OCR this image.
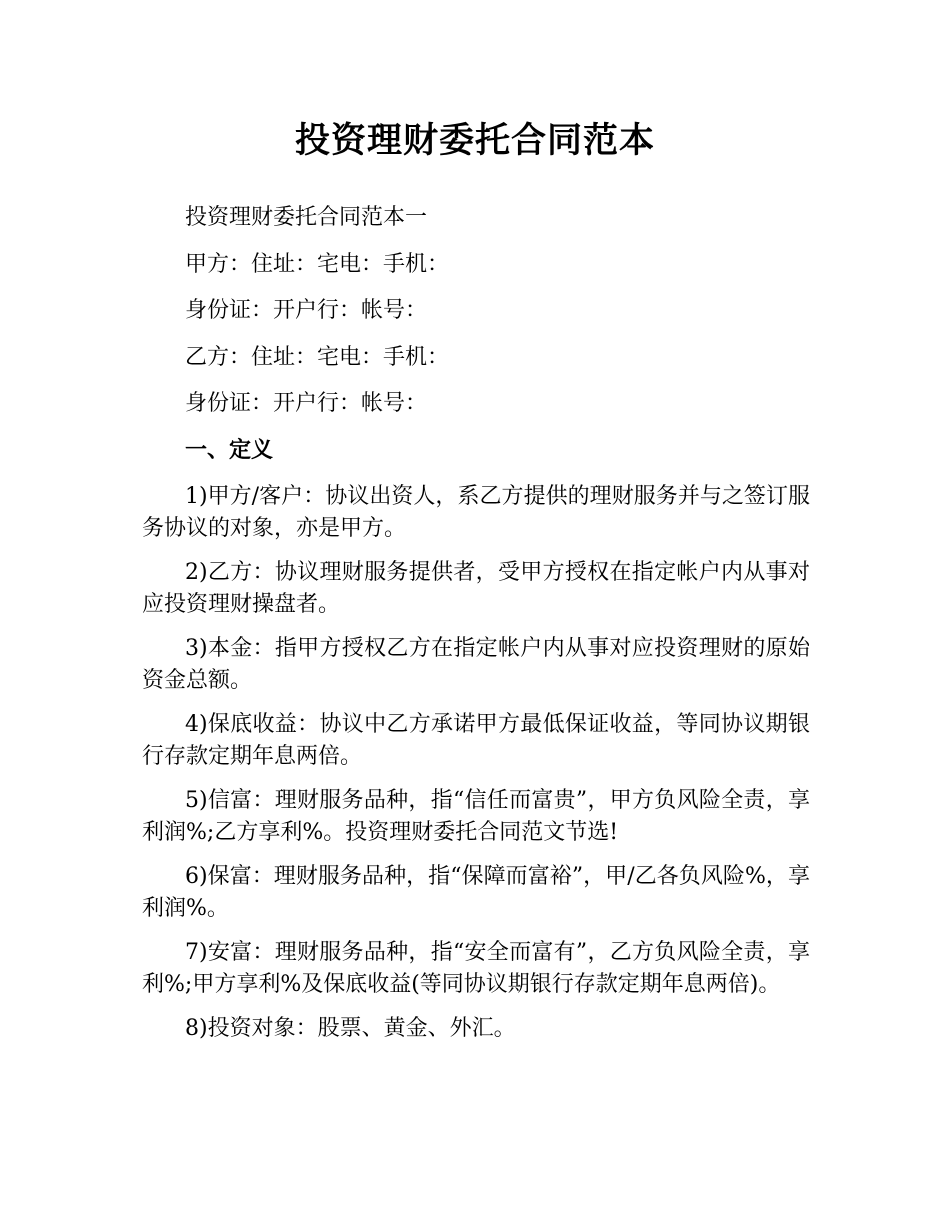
投资理财委托合同范本

投资理财委托合同范本一

甲方：住址：宅电：手机：

身份证：开户行：帐号：

乙方：住址：宅电：手机：

身份证：开户行：帐号：

一、定义

1)甲方/客户：协议出资人，系乙方提供的理财服务并与之签订服务协议的对象，亦是甲方。

2)乙方：协议理财服务提供者，受甲方授权在指定帐户内从事对应投资理财操盘者。

3)本金：指甲方授权乙方在指定帐户内从事对应投资理财的原始资金总额。

4)保底收益：协议中乙方承诺甲方最低保证收益，等同协议期银行存款定期年息两倍。

5)信富：理财服务品种，指“信任而富贵”，甲方负风险全责，享利润%;乙方享利%。投资理财委托合同范文节选!

6)保富：理财服务品种，指“保障而富裕”，甲/乙各负风险%，享利润%。

7)安富：理财服务品种，指“安全而富有”，乙方负风险全责，享利%;甲方享利%及保底收益(等同协议期银行存款定期年息两倍)。

8)投资对象：股票、黄金、外汇。
